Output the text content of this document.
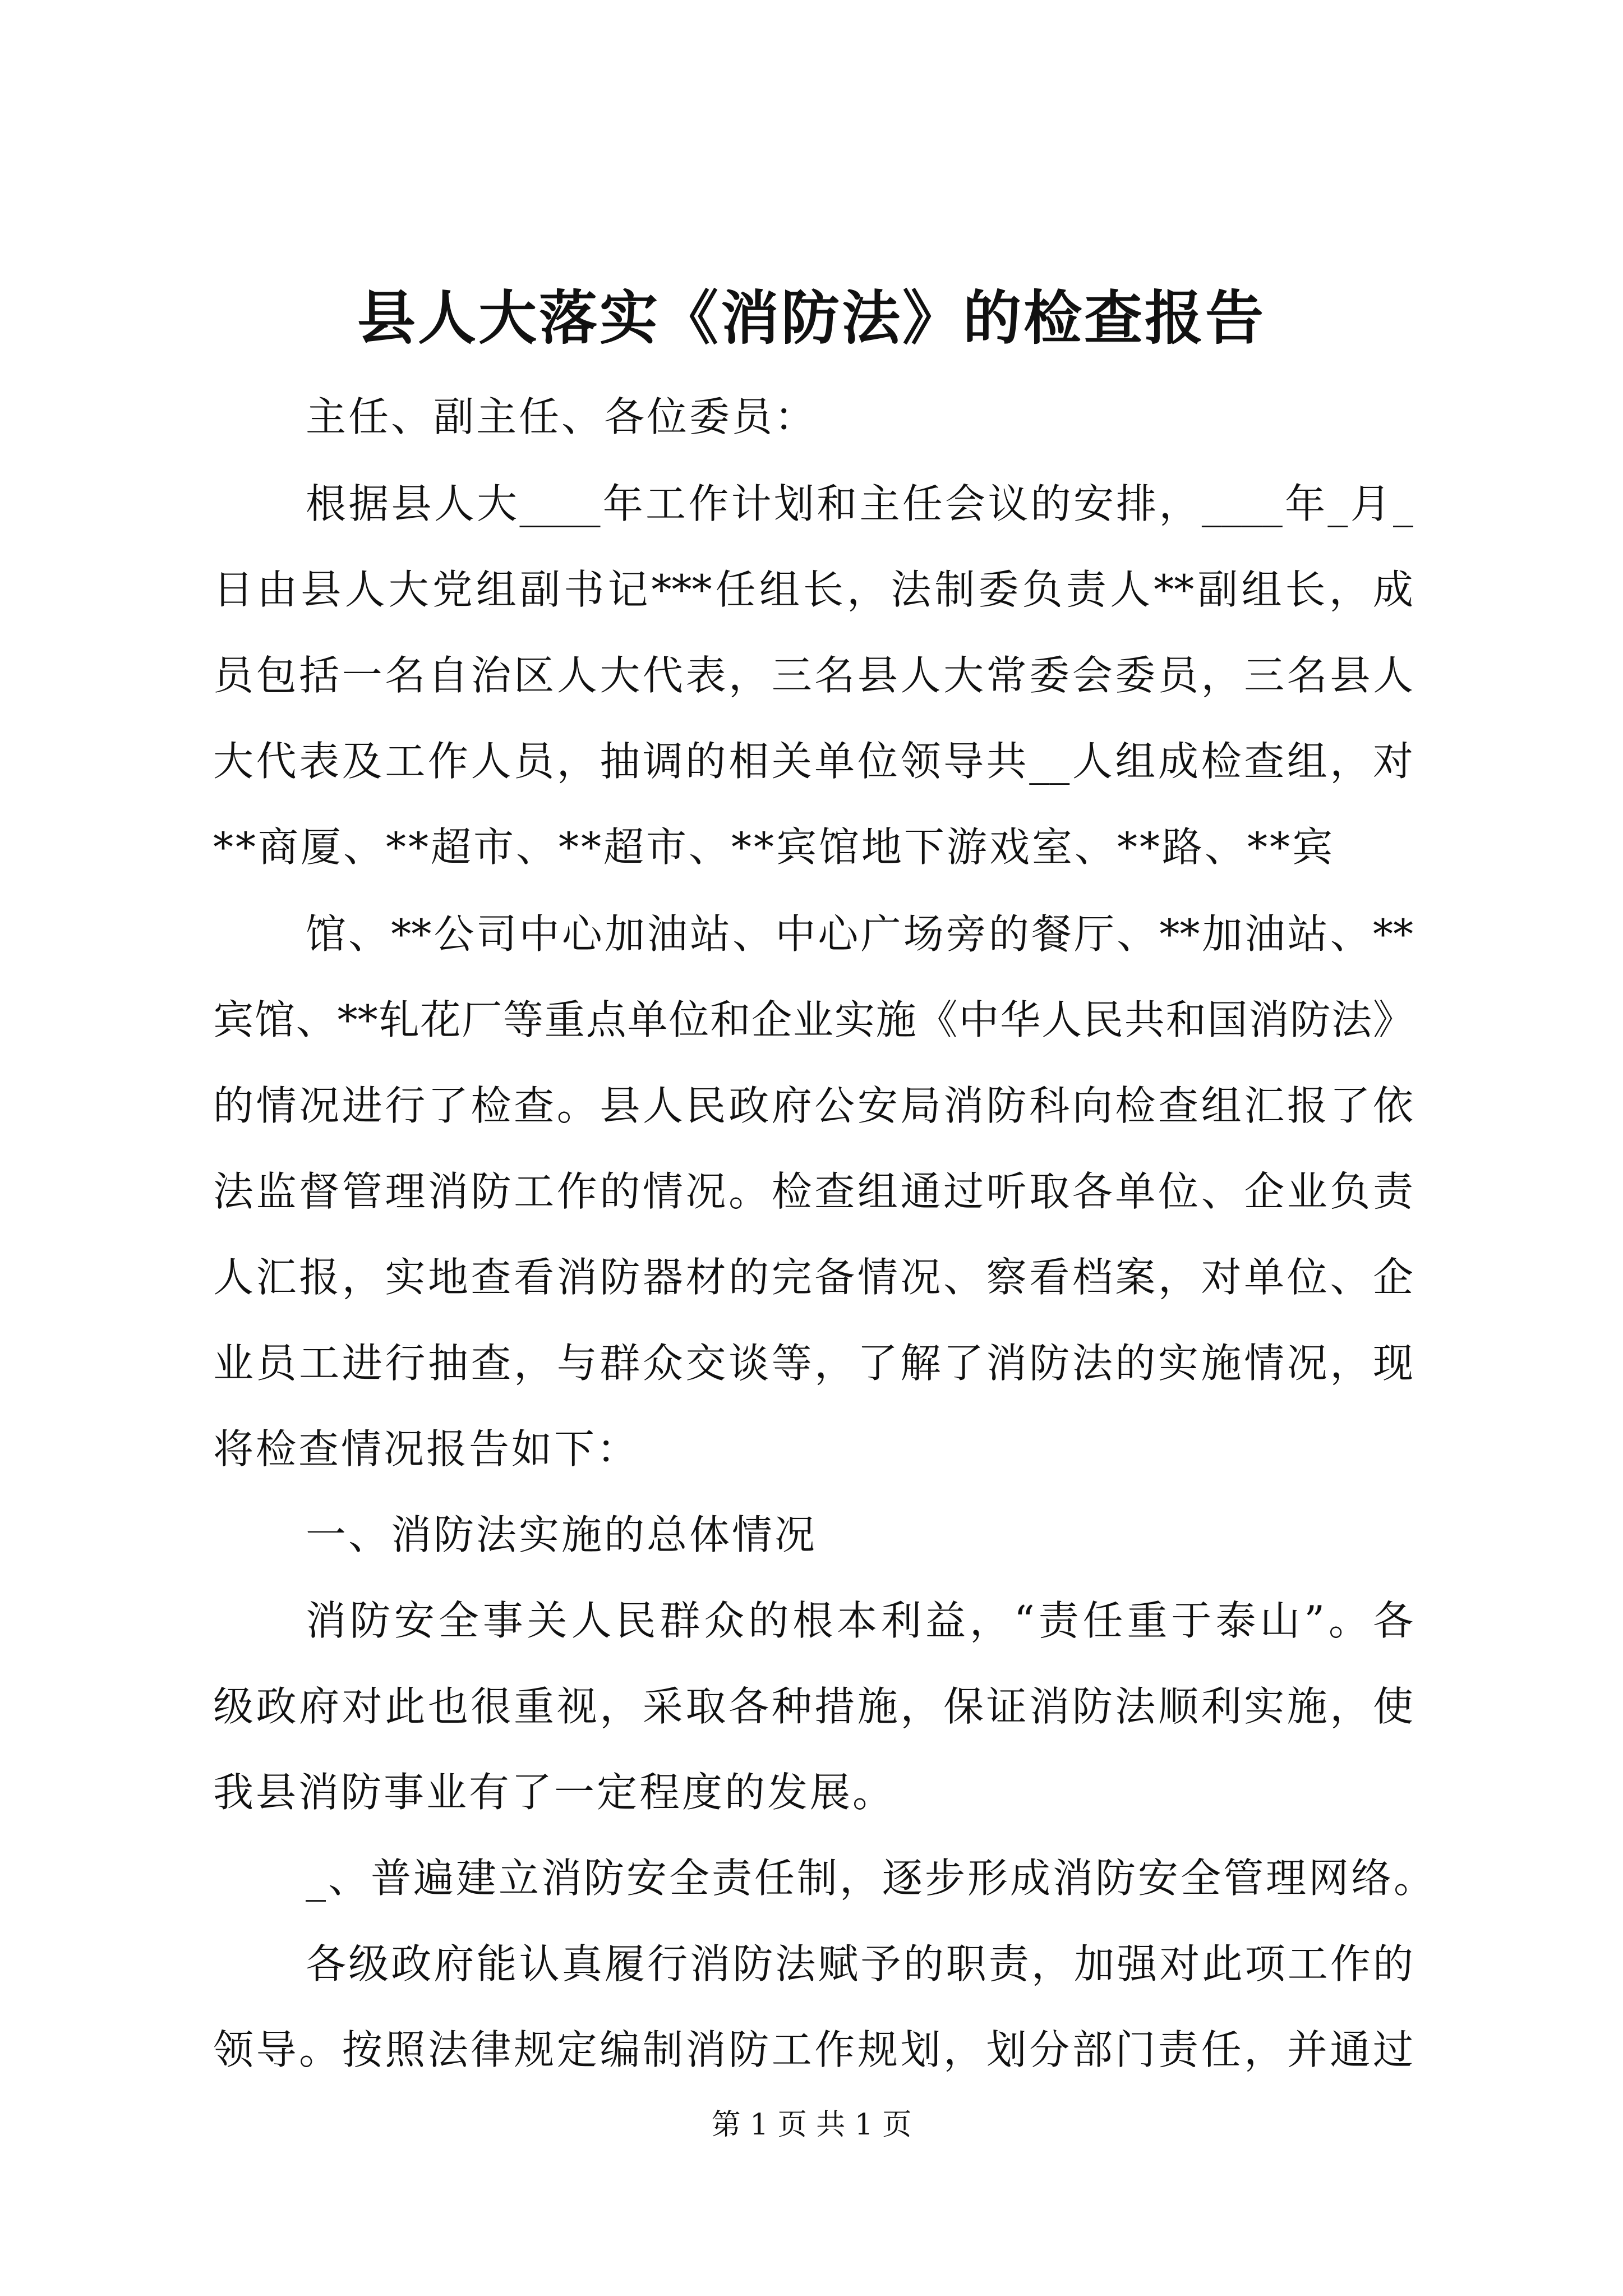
县人大落实《消防法》的检查报告
主任、副主任、各位委员：
根据县人大____年工作计划和主任会议的安排，____年_月_
日由县人大党组副书记***任组长，法制委负责人**副组长，成
员包括一名自治区人大代表，三名县人大常委会委员，三名县人
大代表及工作人员，抽调的相关单位领导共__人组成检查组，对
**商厦、**超市、**超市、**宾馆地下游戏室、**路、**宾
馆、**公司中心加油站、中心广场旁的餐厅、**加油站、**
宾馆、**轧花厂等重点单位和企业实施《中华人民共和国消防法》
的情况进行了检查。县人民政府公安局消防科向检查组汇报了依
法监督管理消防工作的情况。检查组通过听取各单位、企业负责
人汇报，实地查看消防器材的完备情况、察看档案，对单位、企
业员工进行抽查，与群众交谈等，了解了消防法的实施情况，现
将检查情况报告如下：
一、消防法实施的总体情况
消防安全事关人民群众的根本利益，“责任重于泰山”。各
级政府对此也很重视，采取各种措施，保证消防法顺利实施，使
我县消防事业有了一定程度的发展。
_、普遍建立消防安全责任制，逐步形成消防安全管理网络。
各级政府能认真履行消防法赋予的职责，加强对此项工作的
领导。按照法律规定编制消防工作规划，划分部门责任，并通过
第 1 页 共 1 页
